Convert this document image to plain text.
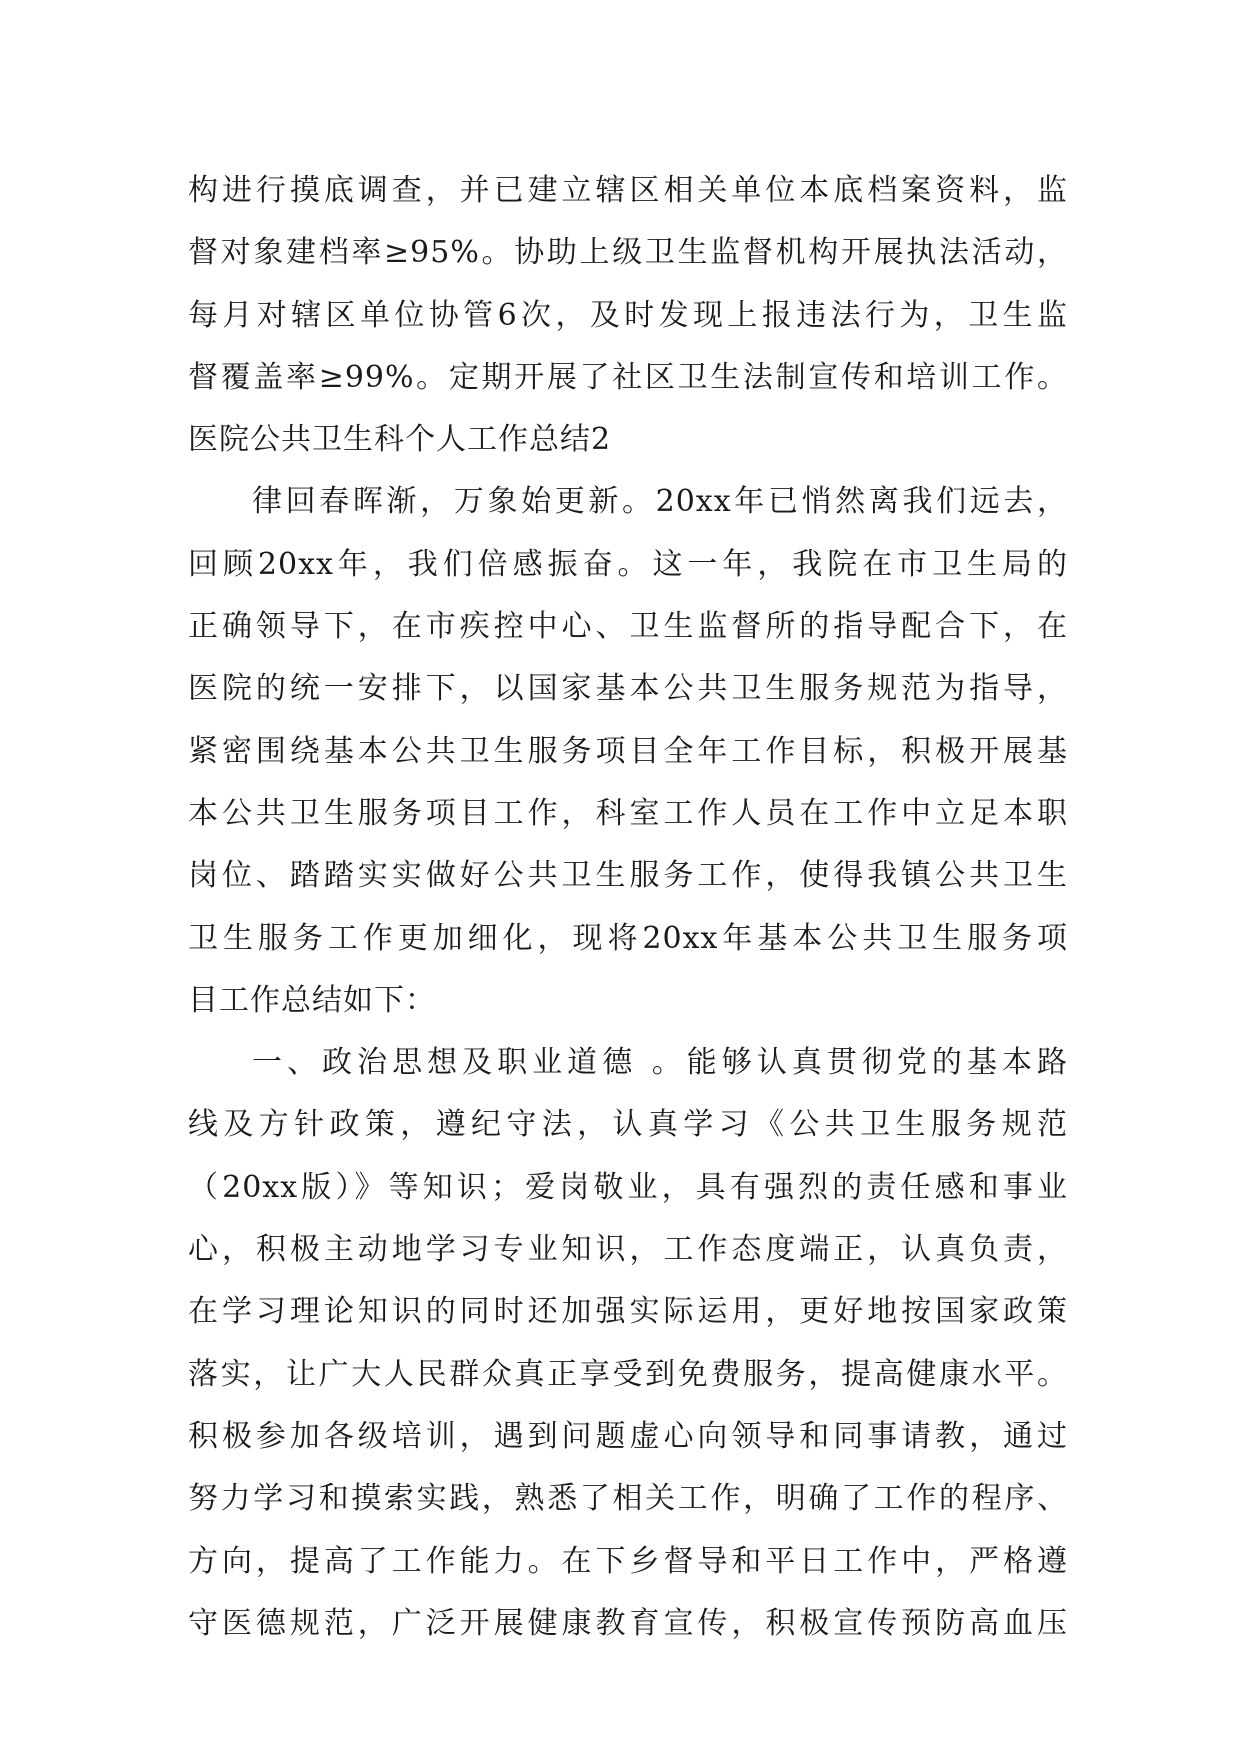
构进行摸底调查，并已建立辖区相关单位本底档案资料，监
督对象建档率≥95%。协助上级卫生监督机构开展执法活动，
每月对辖区单位协管6次，及时发现上报违法行为，卫生监
督覆盖率≥99%。定期开展了社区卫生法制宣传和培训工作。
医院公共卫生科个人工作总结2
律回春晖渐，万象始更新。20xx年已悄然离我们远去，
回顾20xx年，我们倍感振奋。这一年，我院在市卫生局的
正确领导下，在市疾控中心、卫生监督所的指导配合下，在
医院的统一安排下，以国家基本公共卫生服务规范为指导，
紧密围绕基本公共卫生服务项目全年工作目标，积极开展基
本公共卫生服务项目工作，科室工作人员在工作中立足本职
岗位、踏踏实实做好公共卫生服务工作，使得我镇公共卫生
卫生服务工作更加细化，现将20xx年基本公共卫生服务项
目工作总结如下：
一、政治思想及职业道德 。能够认真贯彻党的基本路
线及方针政策，遵纪守法，认真学习《公共卫生服务规范
（20xx版）》等知识；爱岗敬业，具有强烈的责任感和事业
心，积极主动地学习专业知识，工作态度端正，认真负责，
在学习理论知识的同时还加强实际运用，更好地按国家政策
落实，让广大人民群众真正享受到免费服务，提高健康水平。
积极参加各级培训，遇到问题虚心向领导和同事请教，通过
努力学习和摸索实践，熟悉了相关工作，明确了工作的程序、
方向，提高了工作能力。在下乡督导和平日工作中，严格遵
守医德规范，广泛开展健康教育宣传，积极宣传预防高血压
